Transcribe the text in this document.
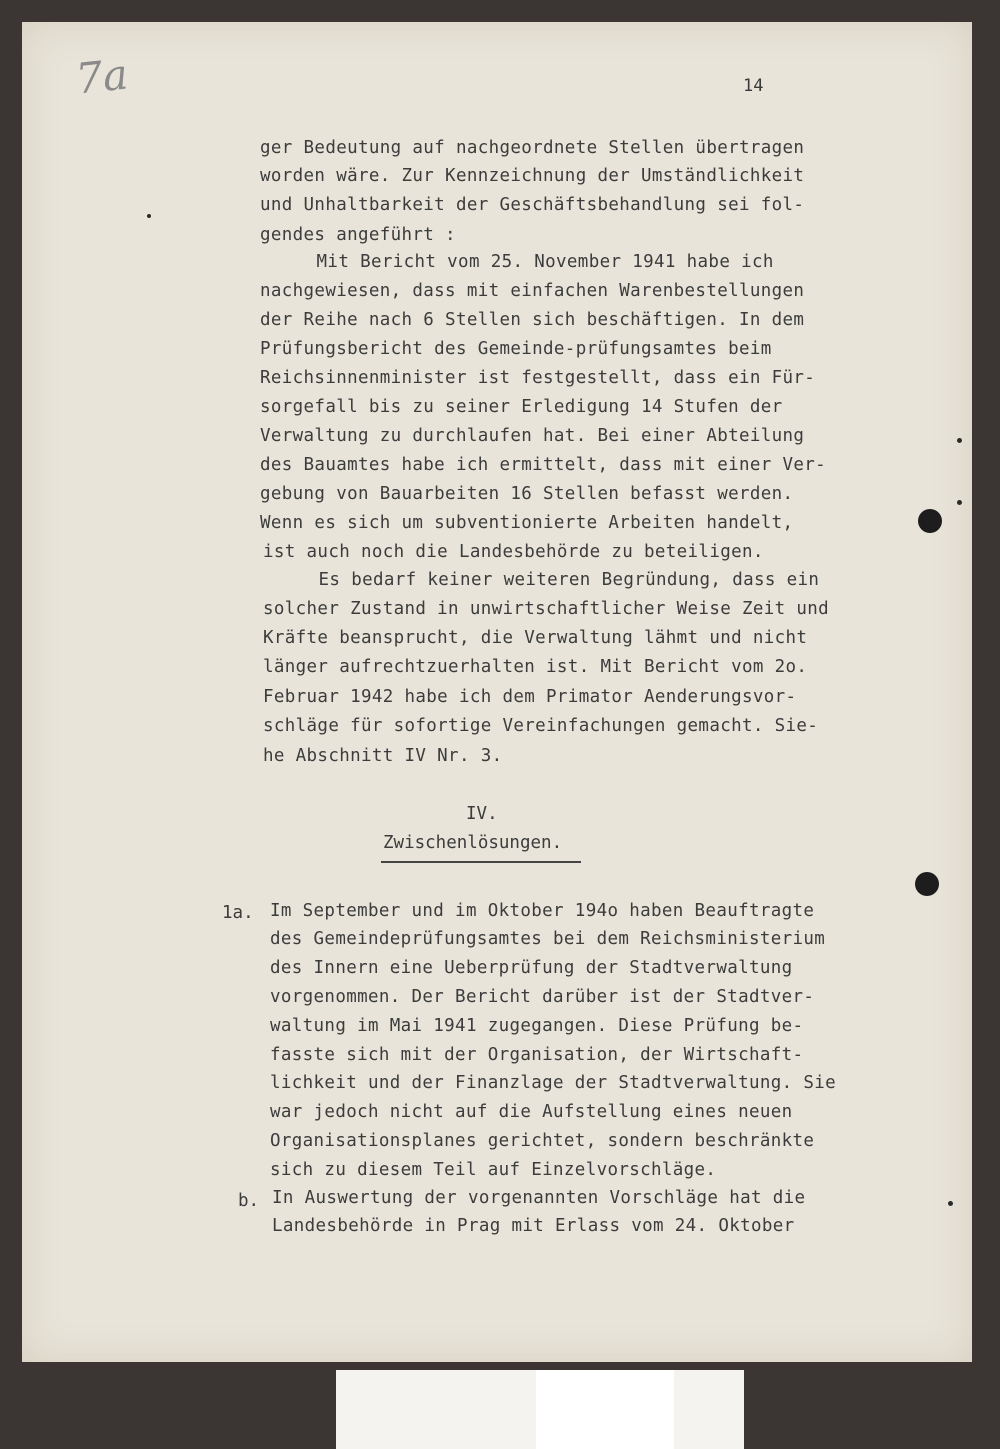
7a	14
ger Bedeutung auf nachgeordnete Stellen übertragen
worden wäre. Zur Kennzeichnung der Umständlichkeit
und Unhaltbarkeit der Geschäftsbehandlung sei fol-
gendes angeführt :
Mit Bericht vom 25. November 1941 habe ich
nachgewiesen, dass mit einfachen Warenbestellungen
der Reihe nach 6 Stellen sich beschäftigen. In dem
Prüfungsbericht des Gemeinde-prüfungsamtes beim
Reichsinnenminister ist festgestellt, dass ein Für-
sorgefall bis zu seiner Erledigung 14 Stufen der
Verwaltung zu durchlaufen hat. Bei einer Abteilung
des Bauamtes habe ich ermittelt, dass mit einer Ver-
gebung von Bauarbeiten 16 Stellen befasst werden.
Wenn es sich um subventionierte Arbeiten handelt,
ist auch noch die Landesbehörde zu beteiligen.
Es bedarf keiner weiteren Begründung, dass ein
solcher Zustand in unwirtschaftlicher Weise Zeit und
Kräfte beansprucht, die Verwaltung lähmt und nicht
länger aufrechtzuerhalten ist. Mit Bericht vom 2o.
Februar 1942 habe ich dem Primator Aenderungsvor-
schläge für sofortige Vereinfachungen gemacht. Sie-
he Abschnitt IV Nr. 3.
IV.
Zwischenlösungen.
1a. Im September und im Oktober 194o haben Beauftragte
des Gemeindeprüfungsamtes bei dem Reichsministerium
des Innern eine Ueberprüfung der Stadtverwaltung
vorgenommen. Der Bericht darüber ist der Stadtver-
waltung im Mai 1941 zugegangen. Diese Prüfung be-
fasste sich mit der Organisation, der Wirtschaft-
lichkeit und der Finanzlage der Stadtverwaltung. Sie
war jedoch nicht auf die Aufstellung eines neuen
Organisationsplanes gerichtet, sondern beschränkte
sich zu diesem Teil auf Einzelvorschläge.
b. In Auswertung der vorgenannten Vorschläge hat die
Landesbehörde in Prag mit Erlass vom 24. Oktober
